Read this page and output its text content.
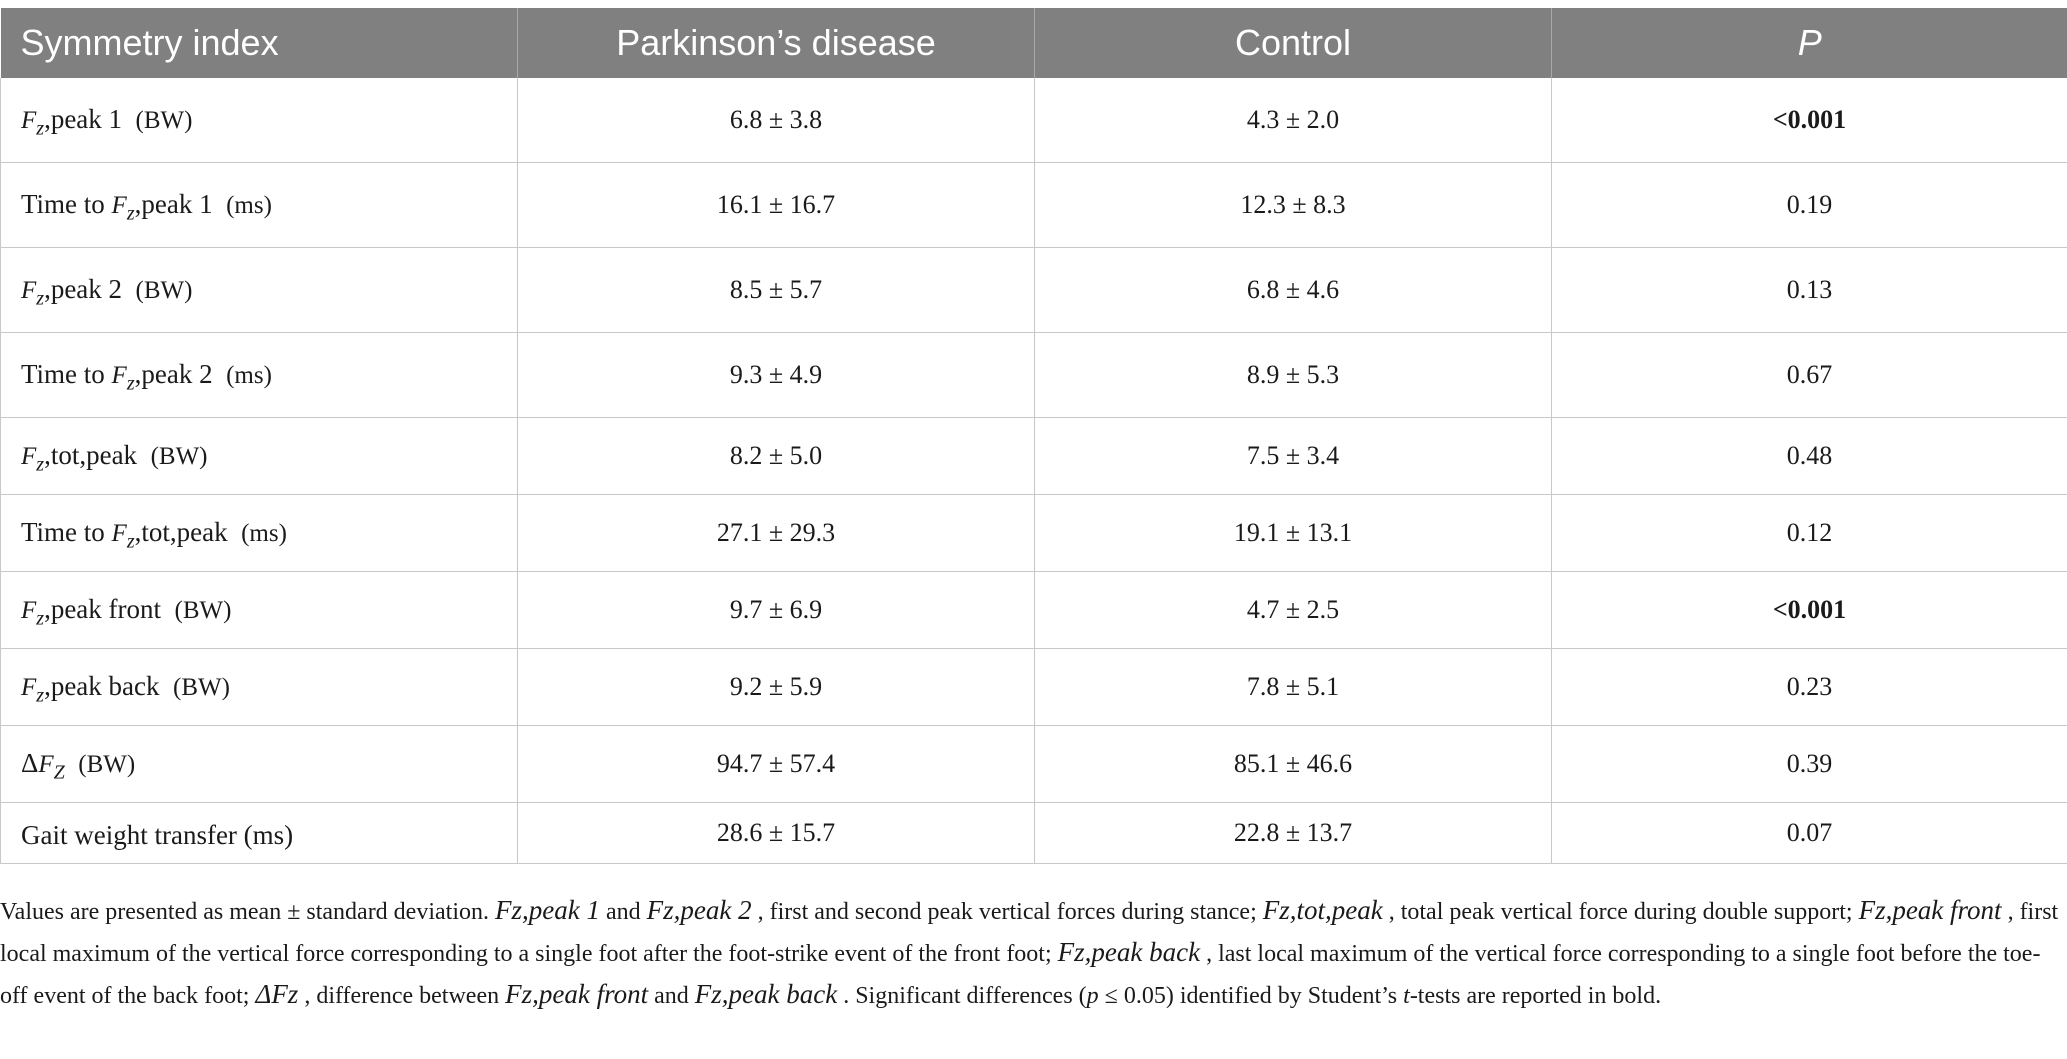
Symmetry index	Parkinson’s disease	Control	P
$F_z,peak$ 1 (BW)	6.8 ± 3.8	4.3 ± 2.0	<0.001
Time to $F_z,peak$ 1 (ms)	16.1 ± 16.7	12.3 ± 8.3	0.19
$F_z,peak$ 2 (BW)	8.5 ± 5.7	6.8 ± 4.6	0.13
Time to $F_z,peak$ 2 (ms)	9.3 ± 4.9	8.9 ± 5.3	0.67
$F_z,tot,peak$ (BW)	8.2 ± 5.0	7.5 ± 3.4	0.48
Time to $F_z,tot,peak$ (ms)	27.1 ± 29.3	19.1 ± 13.1	0.12
$F_z,peak$ front (BW)	9.7 ± 6.9	4.7 ± 2.5	<0.001
$F_z,peak$ back (BW)	9.2 ± 5.9	7.8 ± 5.1	0.23
$\Delta F_Z$ (BW)	94.7 ± 57.4	85.1 ± 46.6	0.39
Gait weight transfer (ms)	28.6 ± 15.7	22.8 ± 13.7	0.07
Values are presented as mean ± standard deviation. Fz,peak 1 and Fz,peak 2 , first and second peak vertical forces during stance; Fz,tot,peak , total peak vertical force during double support; Fz,peak front , first local maximum of the vertical force corresponding to a single foot after the foot-strike event of the front foot; Fz,peak back , last local maximum of the vertical force corresponding to a single foot before the toe-off event of the back foot; ΔFz , difference between Fz,peak front and Fz,peak back . Significant differences (p ≤ 0.05) identified by Student’s t-tests are reported in bold.
